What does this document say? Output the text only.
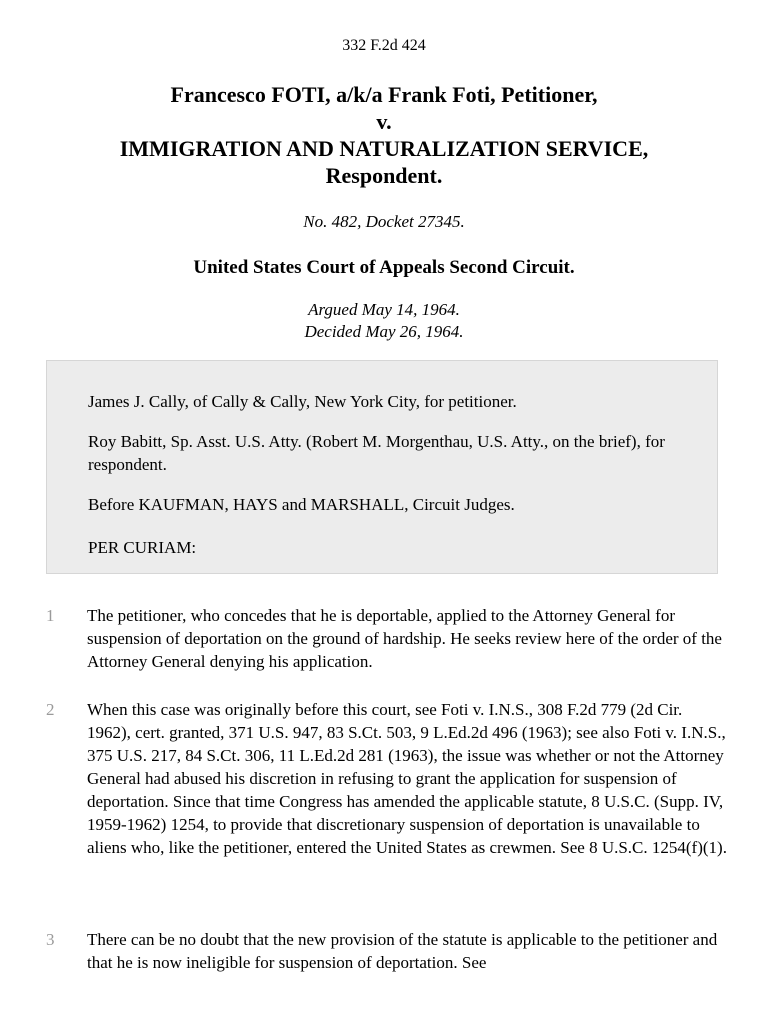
332 F.2d 424
Francesco FOTI, a/k/a Frank Foti, Petitioner,
v.
IMMIGRATION AND NATURALIZATION SERVICE,
Respondent.
No. 482, Docket 27345.
United States Court of Appeals Second Circuit.
Argued May 14, 1964.
Decided May 26, 1964.

James J. Cally, of Cally & Cally, New York City, for petitioner.

Roy Babitt, Sp. Asst. U.S. Atty. (Robert M. Morgenthau, U.S. Atty., on the brief), for respondent.

Before KAUFMAN, HAYS and MARSHALL, Circuit Judges.

PER CURIAM:

1 The petitioner, who concedes that he is deportable, applied to the Attorney General for suspension of deportation on the ground of hardship. He seeks review here of the order of the Attorney General denying his application.
2 When this case was originally before this court, see Foti v. I.N.S., 308 F.2d 779 (2d Cir. 1962), cert. granted, 371 U.S. 947, 83 S.Ct. 503, 9 L.Ed.2d 496 (1963); see also Foti v. I.N.S., 375 U.S. 217, 84 S.Ct. 306, 11 L.Ed.2d 281 (1963), the issue was whether or not the Attorney General had abused his discretion in refusing to grant the application for suspension of deportation. Since that time Congress has amended the applicable statute, 8 U.S.C. (Supp. IV, 1959-1962) 1254, to provide that discretionary suspension of deportation is unavailable to aliens who, like the petitioner, entered the United States as crewmen. See 8 U.S.C. 1254(f)(1).
3 There can be no doubt that the new provision of the statute is applicable to the petitioner and that he is now ineligible for suspension of deportation. See
